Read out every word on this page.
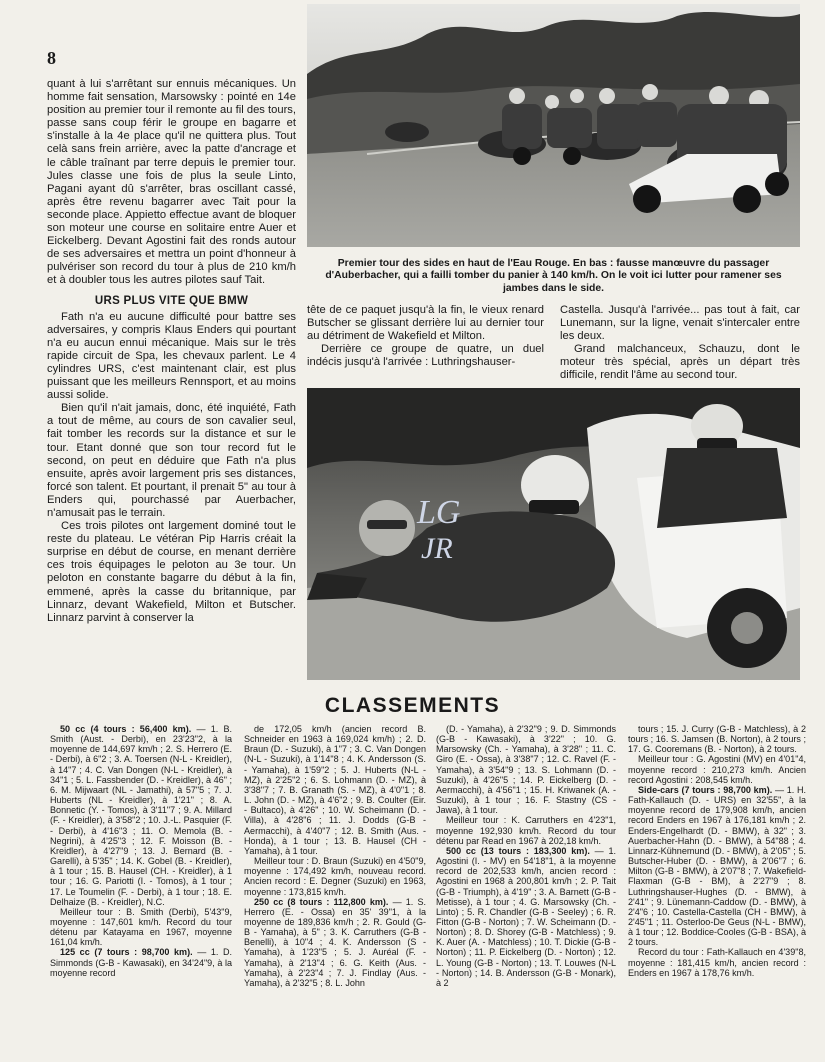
8

quant à lui s'arrêtant sur ennuis mécaniques. Un homme fait sensation, Marsowsky : pointé en 14e position au premier tour il remonte au fil des tours, passe sans coup férir le groupe en bagarre et s'installe à la 4e place qu'il ne quittera plus. Tout celà sans frein arrière, avec la patte d'ancrage et le câble traînant par terre depuis le premier tour. Jules classe une fois de plus la seule Linto, Pagani ayant dû s'arrêter, bras oscillant cassé, après être revenu bagarrer avec Tait pour la seconde place. Appietto effectue avant de bloquer son moteur une course en solitaire entre Auer et Eickelberg. Devant Agostini fait des ronds autour de ses adversaires et mettra un point d'honneur à pulvériser son record du tour à plus de 210 km/h et à doubler tous les autres pilotes sauf Tait.

URS PLUS VITE QUE BMW

Fath n'a eu aucune difficulté pour battre ses adversaires, y compris Klaus Enders qui pourtant n'a eu aucun ennui mécanique. Mais sur le très rapide circuit de Spa, les chevaux parlent. Le 4 cylindres URS, c'est maintenant clair, est plus puissant que les meilleurs Rennsport, et au moins aussi solide.

Bien qu'il n'ait jamais, donc, été inquiété, Fath a tout de même, au cours de son cavalier seul, fait tomber les records sur la distance et sur le tour. Etant donné que son tour record fut le second, on peut en déduire que Fath n'a plus ensuite, après avoir largement pris ses distances, forcé son talent. Et pourtant, il prenait 5" au tour à Enders qui, pourchassé par Auerbacher, n'amusait pas le terrain.

Ces trois pilotes ont largement dominé tout le reste du plateau. Le vétéran Pip Harris créait la surprise en début de course, en menant derrière ces trois équipages le peloton au 3e tour. Un peloton en constante bagarre du début à la fin, emmené, après la casse du britannique, par Linnarz, devant Wakefield, Milton et Butscher. Linnarz parvint à conserver la

Premier tour des sides en haut de l'Eau Rouge. En bas : fausse manœuvre du passager d'Auberbacher, qui a failli tomber du panier à 140 km/h. On le voit ici lutter pour ramener ses jambes dans le side.

tête de ce paquet jusqu'à la fin, le vieux renard Butscher se glissant derrière lui au dernier tour au détriment de Wakefield et Milton.

Derrière ce groupe de quatre, un duel indécis jusqu'à l'arrivée : Luthringshauser-

Castella. Jusqu'à l'arrivée... pas tout à fait, car Lunemann, sur la ligne, venait s'intercaler entre les deux.

Grand malchanceux, Schauzu, dont le moteur très spécial, après un départ très difficile, rendit l'âme au second tour.

LG
JR
CLASSEMENTS

50 cc (4 tours : 56,400 km). — 1. B. Smith (Aust. - Derbi), en 23'23"2, à la moyenne de 144,697 km/h ; 2. S. Herrero (E. - Derbi), à 6"2 ; 3. A. Toersen (N-L - Kreidler), à 14"7 ; 4. C. Van Dongen (N-L - Kreidler), à 34"1 ; 5. L. Fassbender (D. - Kreidler), à 46" ; 6. M. Mijwaart (NL - Jamathi), à 57"5 ; 7. J. Huberts (NL - Kreidler), à 1'21" ; 8. A. Bonnetic (Y. - Tomos), à 3'11"7 ; 9. A. Millard (F. - Kreidler), à 3'58"2 ; 10. J.-L. Pasquier (F. - Derbi), à 4'16"3 ; 11. O. Memola (B. - Negrini), à 4'25"3 ; 12. F. Moisson (B. - Kreidler), à 4'27"9 ; 13. J. Bernard (B. - Garelli), à 5'35" ; 14. K. Gobel (B. - Kreidler), à 1 tour ; 15. B. Hausel (CH. - Kreidler), à 1 tour ; 16. G. Pariotti (I. - Tomos), à 1 tour ; 17. Le Toumelin (F. - Derbi), à 1 tour ; 18. E. Delhaize (B. - Kreidler), N.C.

Meilleur tour : B. Smith (Derbi), 5'43"9, moyenne : 147,601 km/h. Record du tour détenu par Katayama en 1967, moyenne 161,04 km/h.

125 cc (7 tours : 98,700 km). — 1. D. Simmonds (G-B - Kawasaki), en 34'24"9, à la moyenne record

de 172,05 km/h (ancien record B. Schneider en 1963 à 169,024 km/h) ; 2. D. Braun (D. - Suzuki), à 1"7 ; 3. C. Van Dongen (N-L - Suzuki), à 1'14"8 ; 4. K. Andersson (S. - Yamaha), à 1'59"2 ; 5. J. Huberts (N-L - MZ), à 2'25"2 ; 6. S. Lohmann (D. - MZ), à 3'38"7 ; 7. B. Granath (S. - MZ), à 4'0"1 ; 8. L. John (D. - MZ), à 4'6"2 ; 9. B. Coulter (Eir. - Bultaco), à 4'26" ; 10. W. Scheimann (D. - Villa), à 4'28"6 ; 11. J. Dodds (G-B - Aermacchi), à 4'40"7 ; 12. B. Smith (Aus. - Honda), à 1 tour ; 13. B. Hausel (CH - Yamaha), à 1 tour.

Meilleur tour : D. Braun (Suzuki) en 4'50"9, moyenne : 174,492 km/h, nouveau record. Ancien record : E. Degner (Suzuki) en 1963, moyenne : 173,815 km/h.

250 cc (8 tours : 112,800 km). — 1. S. Herrero (E. - Ossa) en 35' 39"1, à la moyenne de 189,836 km/h ; 2. R. Gould (G-B - Yamaha), à 5" ; 3. K. Carruthers (G-B - Benelli), à 10"4 ; 4. K. Andersson (S - Yamaha), à 1'23"5 ; 5. J. Auréal (F. - Yamaha), à 2'13"4 ; 6. G. Keith (Aus. - Yamaha), à 2'23"4 ; 7. J. Findlay (Aus. - Yamaha), à 2'32"5 ; 8. L. John

(D. - Yamaha), à 2'32"9 ; 9. D. Simmonds (G-B - Kawasaki), à 3'22" ; 10. G. Marsowsky (Ch. - Yamaha), à 3'28" ; 11. C. Giro (E. - Ossa), à 3'38"7 ; 12. C. Ravel (F. - Yamaha), à 3'54"9 ; 13. S. Lohmann (D. - Suzuki), à 4'26"5 ; 14. P. Eickelberg (D. - Aermacchi), à 4'56"1 ; 15. H. Kriwanek (A. - Suzuki), à 1 tour ; 16. F. Stastny (CS - Jawa), à 1 tour.

Meilleur tour : K. Carruthers en 4'23"1, moyenne 192,930 km/h. Record du tour détenu par Read en 1967 à 202,18 km/h.

500 cc (13 tours : 183,300 km). — 1. Agostini (I. - MV) en 54'18"1, à la moyenne record de 202,533 km/h, ancien record : Agostini en 1968 à 200,801 km/h ; 2. P. Tait (G-B - Triumph), à 4'19" ; 3. A. Barnett (G-B - Metisse), à 1 tour ; 4. G. Marsowsky (Ch. - Linto) ; 5. R. Chandler (G-B - Seeley) ; 6. R. Fitton (G-B - Norton) ; 7. W. Scheimann (D. - Norton) ; 8. D. Shorey (G-B - Matchless) ; 9. K. Auer (A. - Matchless) ; 10. T. Dickie (G-B - Norton) ; 11. P. Eickelberg (D. - Norton) ; 12. L. Young (G-B - Norton) ; 13. T. Louwes (N-L - Norton) ; 14. B. Andersson (G-B - Monark), à 2

tours ; 15. J. Curry (G-B - Matchless), à 2 tours ; 16. S. Jamsen (B. Norton), à 2 tours ; 17. G. Cooremans (B. - Norton), à 2 tours.

Meilleur tour : G. Agostini (MV) en 4'01"4, moyenne record : 210,273 km/h. Ancien record Agostini : 208,545 km/h.

Side-cars (7 tours : 98,700 km). — 1. H. Fath-Kallauch (D. - URS) en 32'55", à la moyenne record de 179,908 km/h, ancien record Enders en 1967 à 176,181 km/h ; 2. Enders-Engelhardt (D. - BMW), à 32" ; 3. Auerbacher-Hahn (D. - BMW), à 54"88 ; 4. Linnarz-Kühnemund (D. - BMW), à 2'05" ; 5. Butscher-Huber (D. - BMW), à 2'06"7 ; 6. Milton (G-B - BMW), à 2'07"8 ; 7. Wakefield-Flaxman (G-B - BM), à 2'27"9 ; 8. Luthringshauser-Hughes (D. - BMW), à 2'41" ; 9. Lünemann-Caddow (D. - BMW), à 2'4"6 ; 10. Castella-Castella (CH - BMW), à 2'45"1 ; 11. Osterloo-De Geus (N-L - BMW), à 1 tour ; 12. Boddice-Cooles (G-B - BSA), à 2 tours.

Record du tour : Fath-Kallauch en 4'39"8, moyenne : 181,415 km/h, ancien record : Enders en 1967 à 178,76 km/h.
